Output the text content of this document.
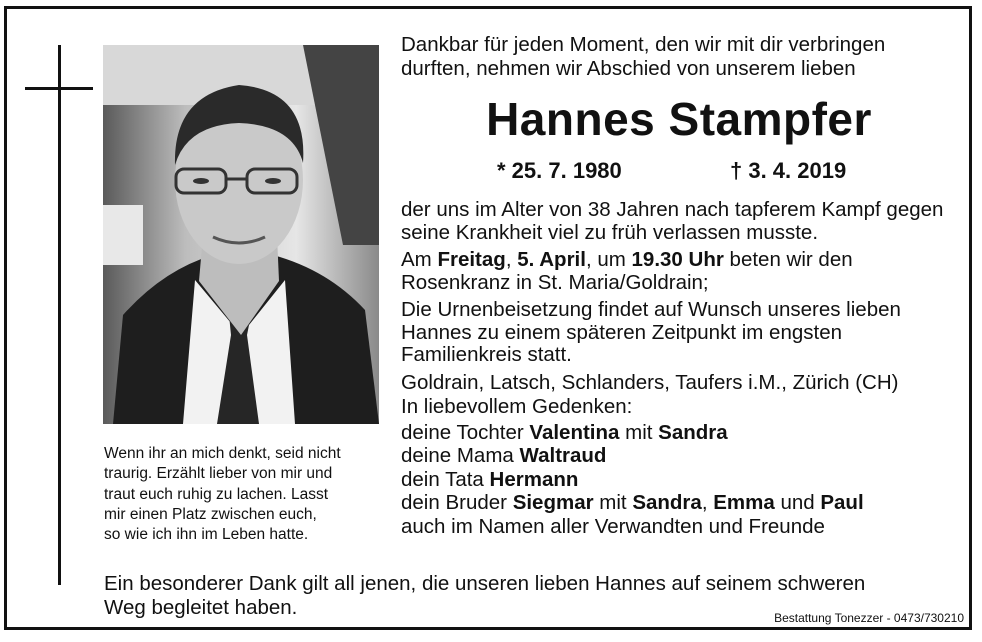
Wenn ihr an mich denkt, seid nicht
traurig. Erzählt lieber von mir und
traut euch ruhig zu lachen. Lasst
mir einen Platz zwischen euch,
so wie ich ihn im Leben hatte.
Dankbar für jeden Moment, den wir mit dir verbringen
durften, nehmen wir Abschied von unserem lieben
Hannes Stampfer
* 25. 7. 1980	† 3. 4. 2019

der uns im Alter von 38 Jahren nach tapferem Kampf gegen seine Krankheit viel zu früh verlassen musste.

Am Freitag, 5. April, um 19.30 Uhr beten wir den Rosenkranz in St. Maria/Goldrain;

Die Urnenbeisetzung findet auf Wunsch unseres lieben Hannes zu einem späteren Zeitpunkt im engsten Familienkreis statt.

Goldrain, Latsch, Schlanders, Taufers i.M., Zürich (CH)

In liebevollem Gedenken:

deine Tochter Valentina mit Sandra
deine Mama Waltraud
dein Tata Hermann
dein Bruder Siegmar mit Sandra, Emma und Paul
auch im Namen aller Verwandten und Freunde
Ein besonderer Dank gilt all jenen, die unseren lieben Hannes auf seinem schweren
Weg begleitet haben.	Bestattung Tonezzer - 0473/730210
